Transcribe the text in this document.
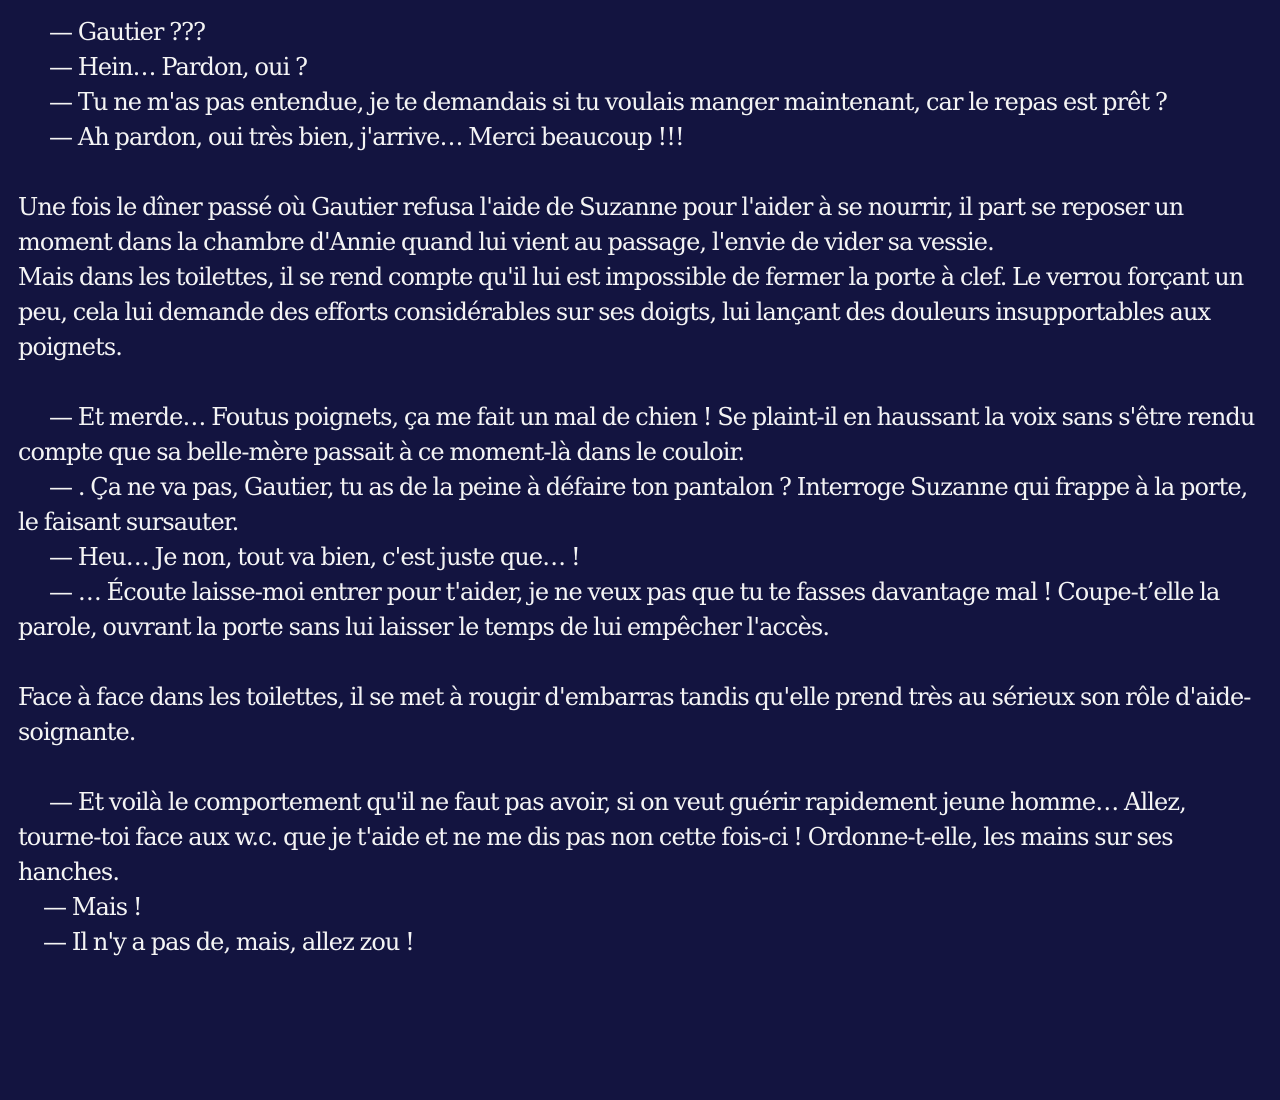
— Gautier ???
— Hein… Pardon, oui ?
— Tu ne m'as pas entendue, je te demandais si tu voulais manger maintenant, car le repas est prêt ?
— Ah pardon, oui très bien, j'arrive… Merci beaucoup !!!
Une fois le dîner passé où Gautier refusa l'aide de Suzanne pour l'aider à se nourrir, il part se reposer un moment dans la chambre d'Annie quand lui vient au passage, l'envie de vider sa vessie.
Mais dans les toilettes, il se rend compte qu'il lui est impossible de fermer la porte à clef. Le verrou forçant un peu, cela lui demande des efforts considérables sur ses doigts, lui lançant des douleurs insupportables aux poignets.
— Et merde… Foutus poignets, ça me fait un mal de chien ! Se plaint-il en haussant la voix sans s'être rendu compte que sa belle-mère passait à ce moment-là dans le couloir.
— . Ça ne va pas, Gautier, tu as de la peine à défaire ton pantalon ? Interroge Suzanne qui frappe à la porte, le faisant sursauter.
— Heu… Je non, tout va bien, c'est juste que… !
— … Écoute laisse-moi entrer pour t'aider, je ne veux pas que tu te fasses davantage mal ! Coupe-t’elle la parole, ouvrant la porte sans lui laisser le temps de lui empêcher l'accès.
Face à face dans les toilettes, il se met à rougir d'embarras tandis qu'elle prend très au sérieux son rôle d'aide-soignante.
— Et voilà le comportement qu'il ne faut pas avoir, si on veut guérir rapidement jeune homme… Allez, tourne-toi face aux w.c. que je t'aide et ne me dis pas non cette fois-ci ! Ordonne-t-elle, les mains sur ses hanches.
— Mais !
— Il n'y a pas de, mais, allez zou !
